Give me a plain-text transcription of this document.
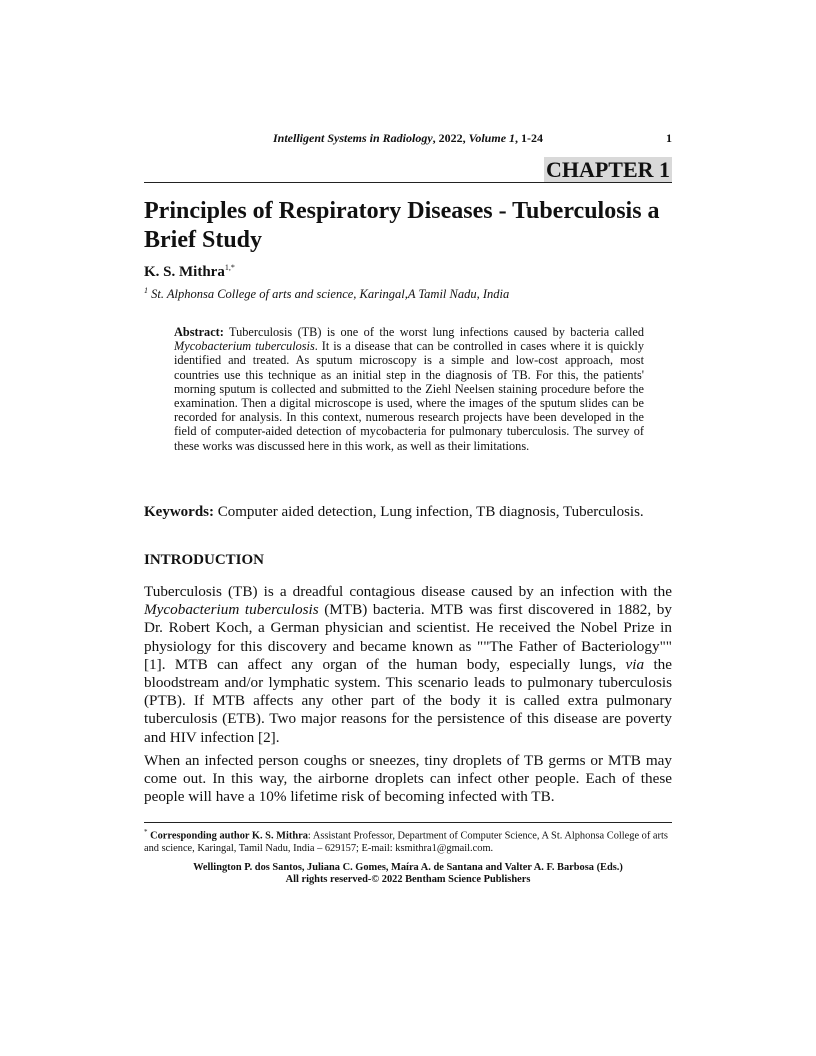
Intelligent Systems in Radiology, 2022, Volume 1, 1-24	1
CHAPTER 1
Principles of Respiratory Diseases - Tuberculosis a Brief Study
K. S. Mithra$^{1,*}$
$^1$ St. Alphonsa College of arts and science, Karingal,A Tamil Nadu, India

Abstract: Tuberculosis (TB) is one of the worst lung infections caused by bacteria called Mycobacterium tuberculosis. It is a disease that can be controlled in cases where it is quickly identified and treated. As sputum microscopy is a simple and low-cost approach, most countries use this technique as an initial step in the diagnosis of TB. For this, the patients' morning sputum is collected and submitted to the Ziehl Neelsen staining procedure before the examination. Then a digital microscope is used, where the images of the sputum slides can be recorded for analysis. In this context, numerous research projects have been developed in the field of computer-aided detection of mycobacteria for pulmonary tuberculosis. The survey of these works was discussed here in this work, as well as their limitations.

Keywords: Computer aided detection, Lung infection, TB diagnosis, Tuberculosis.

INTRODUCTION

Tuberculosis (TB) is a dreadful contagious disease caused by an infection with the Mycobacterium tuberculosis (MTB) bacteria. MTB was first discovered in 1882, by Dr. Robert Koch, a German physician and scientist. He received the Nobel Prize in physiology for this discovery and became known as ""The Father of Bacteriology"" [1]. MTB can affect any organ of the human body, especially lungs, via the bloodstream and/or lymphatic system. This scenario leads to pulmonary tuberculosis (PTB). If MTB affects any other part of the body it is called extra pulmonary tuberculosis (ETB). Two major reasons for the persistence of this disease are poverty and HIV infection [2].

When an infected person coughs or sneezes, tiny droplets of TB germs or MTB may come out. In this way, the airborne droplets can infect other people. Each of these people will have a 10% lifetime risk of becoming infected with TB.

* Corresponding author K. S. Mithra: Assistant Professor, Department of Computer Science, A St. Alphonsa College of arts and science, Karingal, Tamil Nadu, India – 629157; E-mail: ksmithra1@gmail.com.

Wellington P. dos Santos, Juliana C. Gomes, Maíra A. de Santana and Valter A. F. Barbosa (Eds.)
All rights reserved-© 2022 Bentham Science Publishers
